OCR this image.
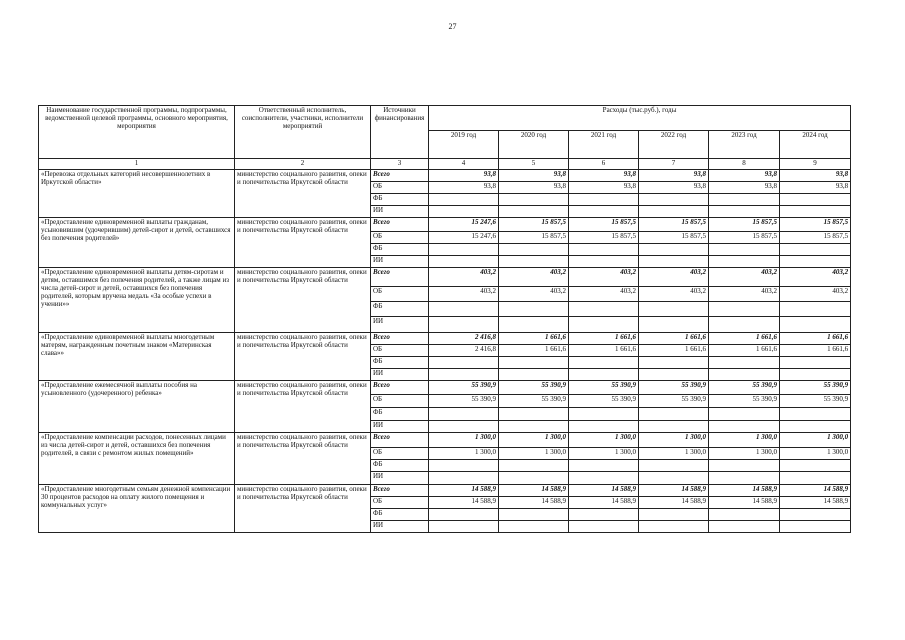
27
Наименование государственной программы, подпрограммы, ведомственной целевой программы, основного мероприятия, мероприятия	Ответственный исполнитель, соисполнители, участники, исполнители мероприятий	Источники финансирования	Расходы (тыс.руб.), годы					
			2019 год	2020 год	2021 год	2022 год	2023 год	2024 год
1	2	3	4	5	6	7	8	9
«Перевозка отдельных категорий несовершеннолетних в Иркутской области»	министерство социального развития, опеки и попечительства Иркутской области	Всего	93,8	93,8	93,8	93,8	93,8	93,8
		ОБ	93,8	93,8	93,8	93,8	93,8	93,8
		ФБ						
		ИИ						
«Предоставление единовременной выплаты гражданам, усыновившим (удочерившим) детей-сирот и детей, оставшихся без попечения родителей»	министерство социального развития, опеки и попечительства Иркутской области	Всего	15 247,6	15 857,5	15 857,5	15 857,5	15 857,5	15 857,5
		ОБ	15 247,6	15 857,5	15 857,5	15 857,5	15 857,5	15 857,5
		ФБ						
		ИИ						
«Предоставление единовременной выплаты детям-сиротам и детям, оставшимся без попечения родителей, а также лицам из числа детей-сирот и детей, оставшихся без попечения родителей, которым вручена медаль «За особые успехи в учении»»	министерство социального развития, опеки и попечительства Иркутской области	Всего	403,2	403,2	403,2	403,2	403,2	403,2
		ОБ	403,2	403,2	403,2	403,2	403,2	403,2
		ФБ						
		ИИ						
«Предоставление единовременной выплаты многодетным матерям, награжденным почетным знаком «Материнская слава»»	министерство социального развития, опеки и попечительства Иркутской области	Всего	2 416,8	1 661,6	1 661,6	1 661,6	1 661,6	1 661,6
		ОБ	2 416,8	1 661,6	1 661,6	1 661,6	1 661,6	1 661,6
		ФБ						
		ИИ						
«Предоставление ежемесячной выплаты пособия на усыновленного (удочеренного) ребенка»	министерство социального развития, опеки и попечительства Иркутской области	Всего	55 390,9	55 390,9	55 390,9	55 390,9	55 390,9	55 390,9
		ОБ	55 390,9	55 390,9	55 390,9	55 390,9	55 390,9	55 390,9
		ФБ						
		ИИ						
«Предоставление компенсации расходов, понесенных лицами из числа детей-сирот и детей, оставшихся без попечения родителей, в связи с ремонтом жилых помещений»	министерство социального развития, опеки и попечительства Иркутской области	Всего	1 300,0	1 300,0	1 300,0	1 300,0	1 300,0	1 300,0
		ОБ	1 300,0	1 300,0	1 300,0	1 300,0	1 300,0	1 300,0
		ФБ						
		ИИ						
«Предоставление многодетным семьям денежной компенсации 30 процентов расходов на оплату жилого помещения и коммунальных услуг»	министерство социального развития, опеки и попечительства Иркутской области	Всего	14 588,9	14 588,9	14 588,9	14 588,9	14 588,9	14 588,9
		ОБ	14 588,9	14 588,9	14 588,9	14 588,9	14 588,9	14 588,9
		ФБ						
		ИИ						
